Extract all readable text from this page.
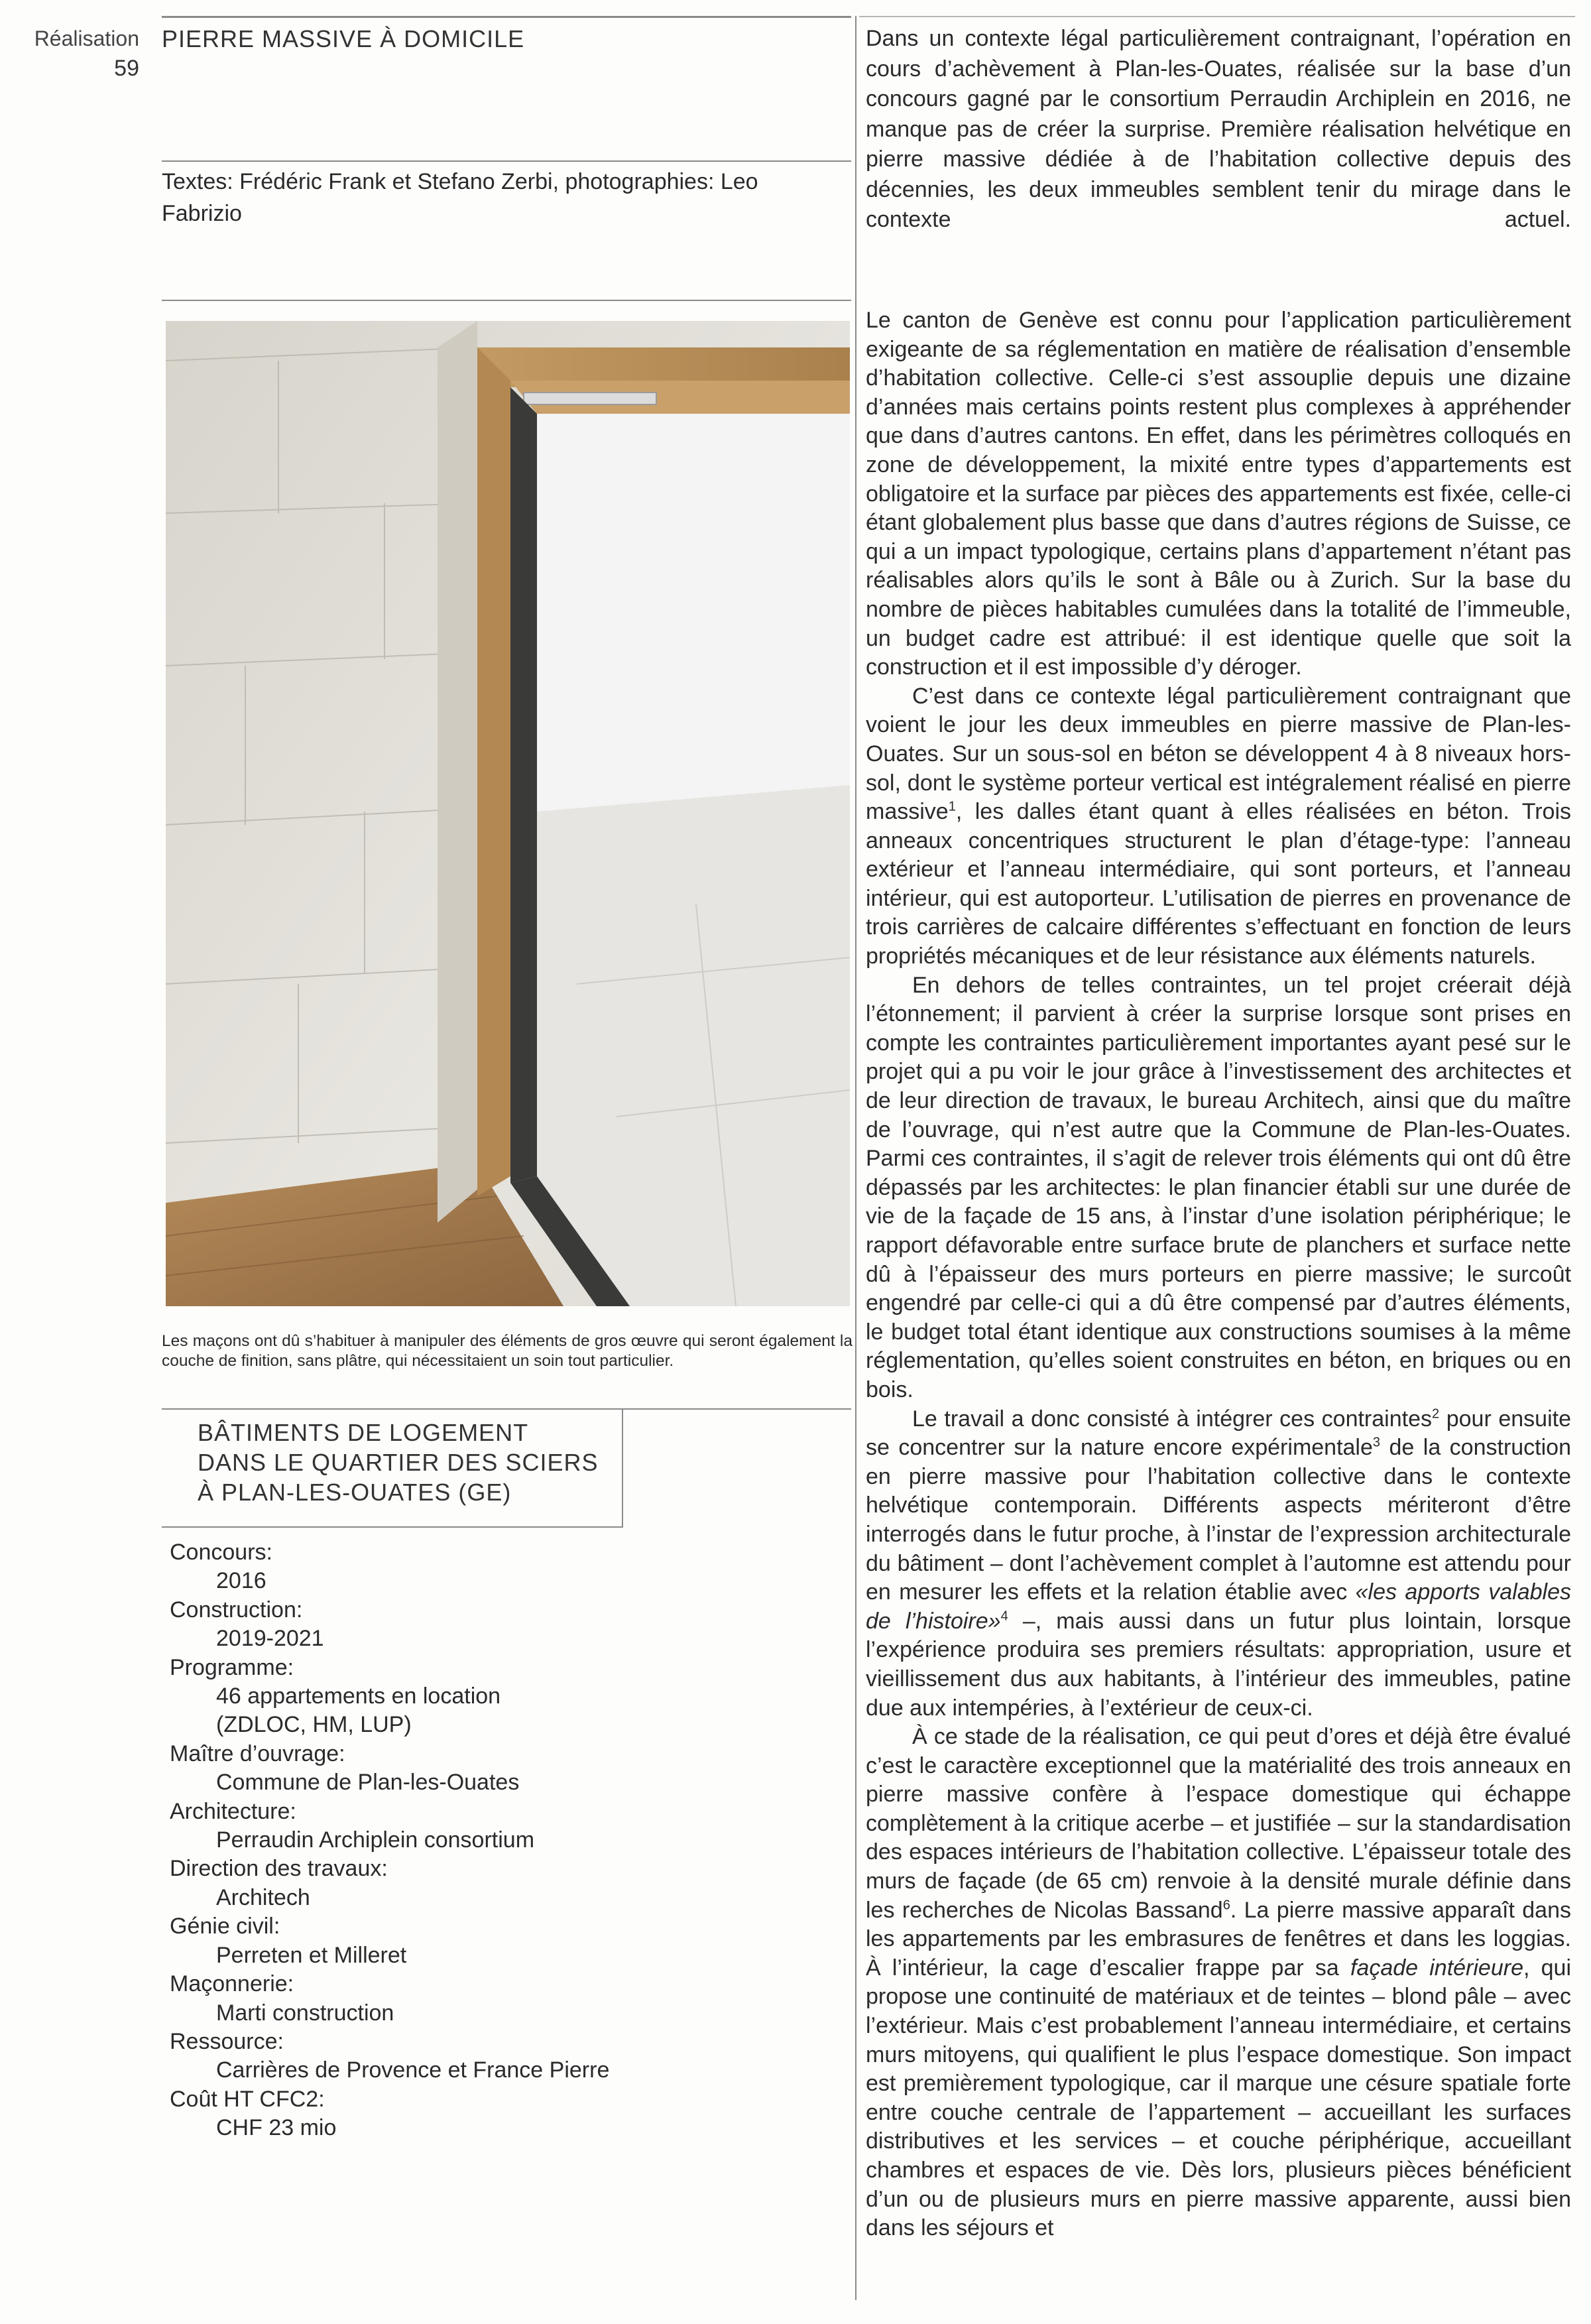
Réalisation
59
PIERRE MASSIVE À DOMICILE
Textes: Frédéric Frank et Stefano Zerbi, photographies: Leo Fabrizio
Dans un contexte légal particulièrement contraignant, l’opération en cours d’achèvement à Plan-les-Ouates, réalisée sur la base d’un concours gagné par le consortium Perraudin Archiplein en 2016, ne manque pas de créer la surprise. Première réalisation helvétique en pierre massive dédiée à de l’habitation collective depuis des décennies, les deux immeubles semblent tenir du mirage dans le contexte actuel.
Les maçons ont dû s’habituer à manipuler des éléments de gros œuvre qui seront également la couche de finition, sans plâtre, qui nécessitaient un soin tout particulier.
BÂTIMENTS DE LOGEMENT
DANS LE QUARTIER DES SCIERS
À PLAN-LES-OUATES (GE)
Concours:
2016
Construction:
2019-2021
Programme:
46 appartements en location (ZDLOC, HM, LUP)
Maître d’ouvrage:
Commune de Plan-les-Ouates
Architecture:
Perraudin Archiplein consortium
Direction des travaux:
Architech
Génie civil:
Perreten et Milleret
Maçonnerie:
Marti construction
Ressource:
Carrières de Provence et France Pierre
Coût HT CFC2:
CHF 23 mio

Le canton de Genève est connu pour l’application particulièrement exigeante de sa réglementation en matière de réalisation d’ensemble d’habitation collective. Celle-ci s’est assouplie depuis une dizaine d’années mais certains points restent plus complexes à appréhender que dans d’autres cantons. En effet, dans les périmètres colloqués en zone de développement, la mixité entre types d’appartements est obligatoire et la surface par pièces des appartements est fixée, celle-ci étant globalement plus basse que dans d’autres régions de Suisse, ce qui a un impact typologique, certains plans d’appartement n’étant pas réalisables alors qu’ils le sont à Bâle ou à Zurich. Sur la base du nombre de pièces habitables cumulées dans la totalité de l’immeuble, un budget cadre est attribué: il est identique quelle que soit la construction et il est impossible d’y déroger.

C’est dans ce contexte légal particulièrement contraignant que voient le jour les deux immeubles en pierre massive de Plan-les-Ouates. Sur un sous-sol en béton se développent 4 à 8 niveaux hors-sol, dont le système porteur vertical est intégralement réalisé en pierre massive$^1$, les dalles étant quant à elles réalisées en béton. Trois anneaux concentriques structurent le plan d’étage-type: l’anneau extérieur et l’anneau intermédiaire, qui sont porteurs, et l’anneau intérieur, qui est autoporteur. L’utilisation de pierres en provenance de trois carrières de calcaire différentes s’effectuant en fonction de leurs propriétés mécaniques et de leur résistance aux éléments naturels.

En dehors de telles contraintes, un tel projet créerait déjà l’étonnement; il parvient à créer la surprise lorsque sont prises en compte les contraintes particulièrement importantes ayant pesé sur le projet qui a pu voir le jour grâce à l’investissement des architectes et de leur direction de travaux, le bureau Architech, ainsi que du maître de l’ouvrage, qui n’est autre que la Commune de Plan-les-Ouates. Parmi ces contraintes, il s’agit de relever trois éléments qui ont dû être dépassés par les architectes: le plan financier établi sur une durée de vie de la façade de 15 ans, à l’instar d’une isolation périphérique; le rapport défavorable entre surface brute de planchers et surface nette dû à l’épaisseur des murs porteurs en pierre massive; le surcoût engendré par celle-ci qui a dû être compensé par d’autres éléments, le budget total étant identique aux constructions soumises à la même réglementation, qu’elles soient construites en béton, en briques ou en bois.

Le travail a donc consisté à intégrer ces contraintes$^2$ pour ensuite se concentrer sur la nature encore expérimentale$^3$ de la construction en pierre massive pour l’habitation collective dans le contexte helvétique contemporain. Différents aspects mériteront d’être interrogés dans le futur proche, à l’instar de l’expression architecturale du bâtiment – dont l’achèvement complet à l’automne est attendu pour en mesurer les effets et la relation établie avec «les apports valables de l’histoire»$^4$ –, mais aussi dans un futur plus lointain, lorsque l’expérience produira ses premiers résultats: appropriation, usure et vieillissement dus aux habitants, à l’intérieur des immeubles, patine due aux intempéries, à l’extérieur de ceux-ci.

À ce stade de la réalisation, ce qui peut d’ores et déjà être évalué c’est le caractère exceptionnel que la matérialité des trois anneaux en pierre massive confère à l’espace domestique qui échappe complètement à la critique acerbe – et justifiée – sur la standardisation des espaces intérieurs de l’habitation collective. L’épaisseur totale des murs de façade (de 65 cm) renvoie à la densité murale définie dans les recherches de Nicolas Bassand$^6$. La pierre massive apparaît dans les appartements par les embrasures de fenêtres et dans les loggias. À l’intérieur, la cage d’escalier frappe par sa façade intérieure, qui propose une continuité de matériaux et de teintes – blond pâle – avec l’extérieur. Mais c’est probablement l’anneau intermédiaire, et certains murs mitoyens, qui qualifient le plus l’espace domestique. Son impact est premièrement typologique, car il marque une césure spatiale forte entre couche centrale de l’appartement – accueillant les surfaces distributives et les services – et couche périphérique, accueillant chambres et espaces de vie. Dès lors, plusieurs pièces bénéficient d’un ou de plusieurs murs en pierre massive apparente, aussi bien dans les séjours et
